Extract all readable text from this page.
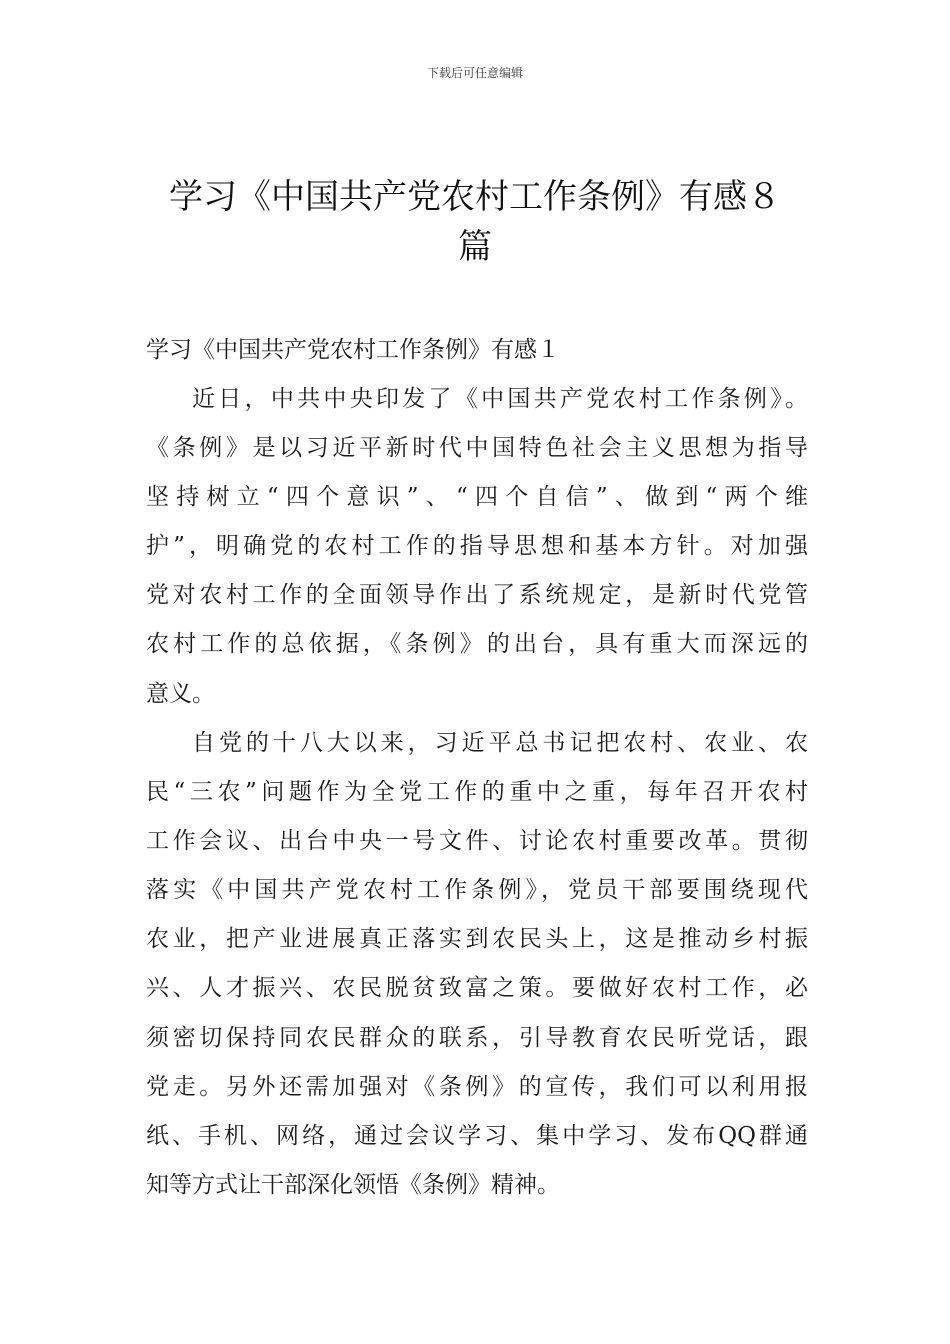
下载后可任意编辑
学习《中国共产党农村工作条例》有感８
篇
学习《中国共产党农村工作条例》有感１
近日，中共中央印发了《中国共产党农村工作条例》。
《条例》是以习近平新时代中国特色社会主义思想为指导
坚持树立“四个意识”、“四个自信”、做到“两个维
护”，明确党的农村工作的指导思想和基本方针。对加强
党对农村工作的全面领导作出了系统规定，是新时代党管
农村工作的总依据，《条例》的出台，具有重大而深远的
意义。
自党的十八大以来，习近平总书记把农村、农业、农
民“三农”问题作为全党工作的重中之重，每年召开农村
工作会议、出台中央一号文件、讨论农村重要改革。贯彻
落实《中国共产党农村工作条例》，党员干部要围绕现代
农业，把产业进展真正落实到农民头上，这是推动乡村振
兴、人才振兴、农民脱贫致富之策。要做好农村工作，必
须密切保持同农民群众的联系，引导教育农民听党话，跟
党走。另外还需加强对《条例》的宣传，我们可以利用报
纸、手机、网络，通过会议学习、集中学习、发布QQ群通
知等方式让干部深化领悟《条例》精神。
